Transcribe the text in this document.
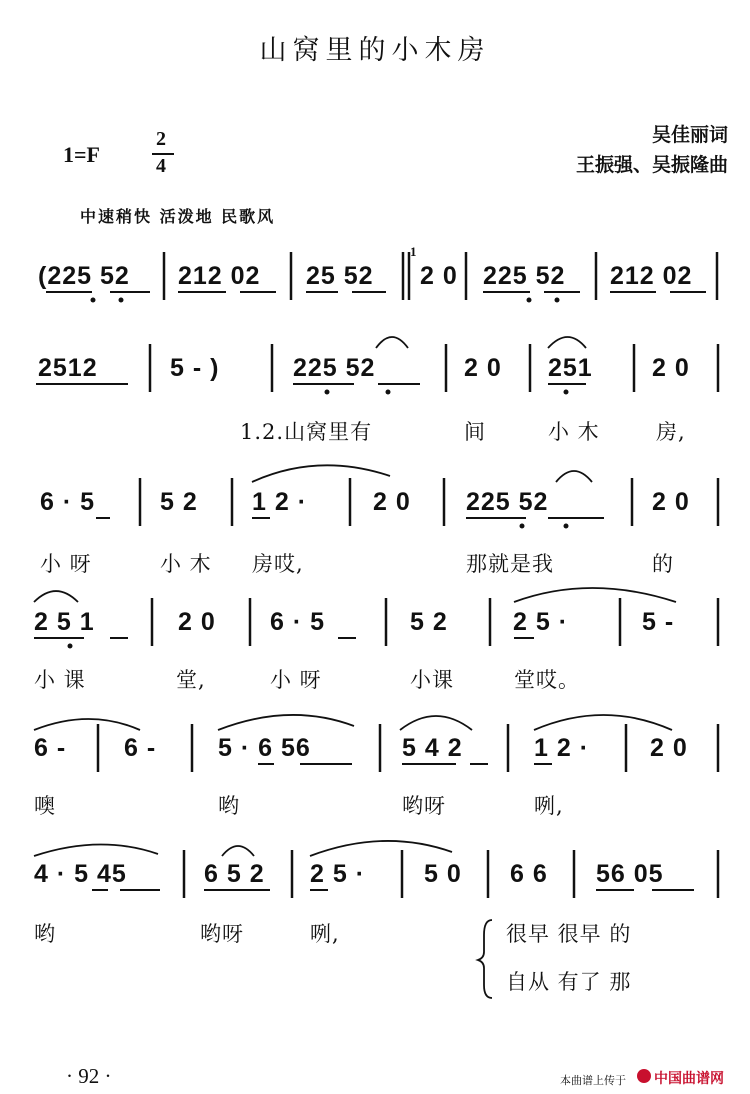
山窝里的小木房
吴佳丽词
王振强、吴振隆曲
1=F
2
4
中速稍快 活泼地 民歌风
(225 52 212 02 25 52 2 0 225 52 212 02
1
2512	5 - )	225 52	2 0 251 2 0
1.2.山窝里有	间	小 木	房,
6 · 5	5 2 1 2 ·	2 0 225 52	2 0
小 呀	小 木 房哎,	那就是我	的
2 5 1	2 0 6 · 5	5 2	2 5 ·	5 -
小 课	堂,	小 呀	小课	堂哎。
6 - 6 - 5 · 6 56	5 4 2	1 2 · 2 0
噢	哟	哟呀	咧,
4 · 5 45	6 5 2 2 5 · 5 0 6 6 56 05
哟	哟呀	咧,	很早 很早 的
自从 有了 那
· 92 ·	本曲谱上传于 中国曲谱网
